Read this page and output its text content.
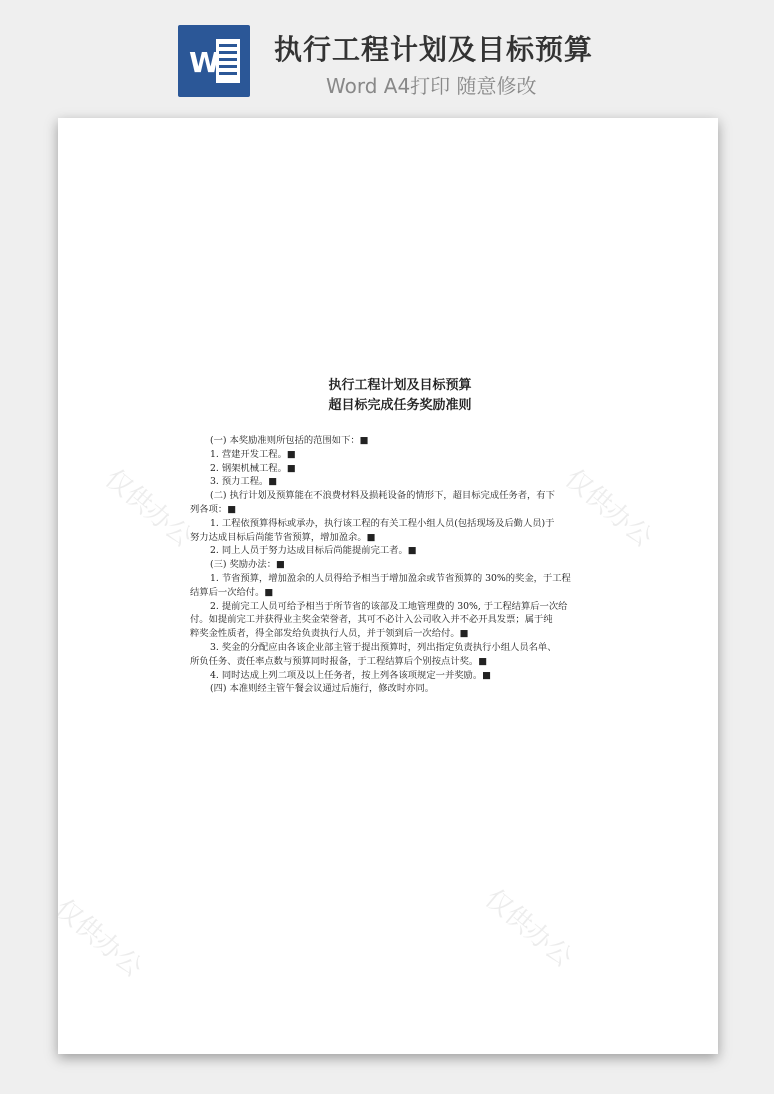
W 执行工程计划及目标预算
Word A4打印 随意修改
仅供办公	仅供办公
仅供办公	仅供办公
执行工程计划及目标预算
超目标完成任务奖励准则
(一) 本奖励准则所包括的范围如下：■
1. 营建开发工程。■
2. 钢架机械工程。■
3. 预力工程。■
(二) 执行计划及预算能在不浪费材料及损耗设备的情形下，超目标完成任务者，有下
列各项：■
1. 工程依预算得标或承办，执行该工程的有关工程小组人员(包括现场及后勤人员)于
努力达成目标后尚能节省预算，增加盈余。■
2. 同上人员于努力达成目标后尚能提前完工者。■
(三) 奖励办法：■
1. 节省预算，增加盈余的人员得给予相当于增加盈余或节省预算的 30%的奖金，于工程
结算后一次给付。■
2. 提前完工人员可给予相当于所节省的该部及工地管理费的 30%, 于工程结算后一次给
付。如提前完工并获得业主奖金荣誉者，其可不必计入公司收入并不必开具发票；属于纯
粹奖金性质者，得全部发给负责执行人员，并于领到后一次给付。■
3. 奖金的分配应由各该企业部主管于提出预算时，列出指定负责执行小组人员名单、
所负任务、责任率点数与预算同时报备，于工程结算后个别按点计奖。■
4. 同时达成上列二项及以上任务者，按上列各该项规定一并奖励。■
(四) 本准则经主管午餐会议通过后施行，修改时亦同。
